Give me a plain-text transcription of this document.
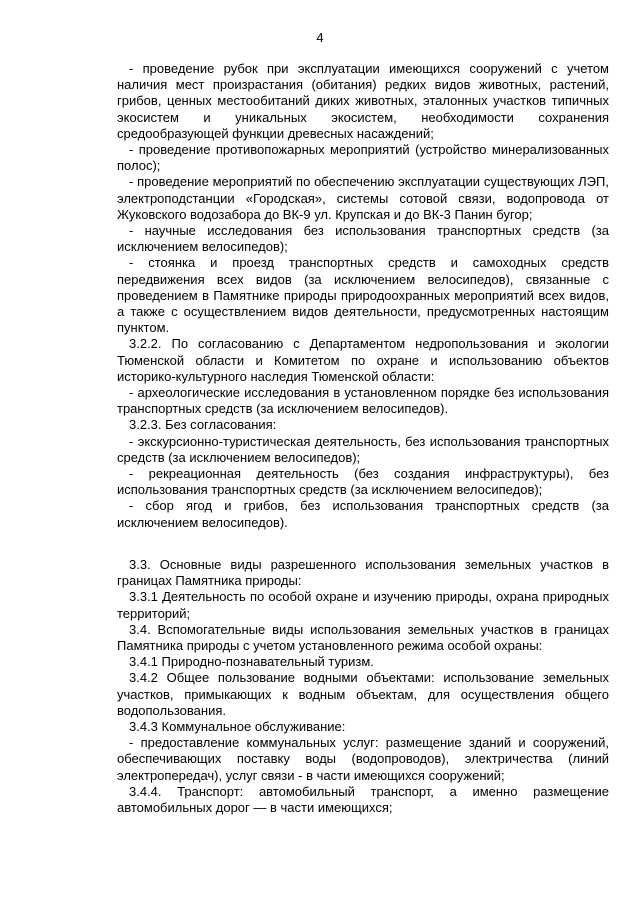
4

- проведение рубок при эксплуатации имеющихся сооружений с учетом наличия мест произрастания (обитания) редких видов животных, растений, грибов, ценных местообитаний диких животных, эталонных участков типичных экосистем и уникальных экосистем, необходимости сохранения средообразующей функции древесных насаждений;

- проведение противопожарных мероприятий (устройство минерализованных полос);

- проведение мероприятий по обеспечению эксплуатации существующих ЛЭП, электроподстанции «Городская», системы сотовой связи, водопровода от Жуковского водозабора до ВК-9 ул. Крупская и до ВК-3 Панин бугор;

- научные исследования без использования транспортных средств (за исключением велосипедов);

- стоянка и проезд транспортных средств и самоходных средств передвижения всех видов (за исключением велосипедов), связанные с проведением в Памятнике природы природоохранных мероприятий всех видов, а также с осуществлением видов деятельности, предусмотренных настоящим пунктом.

3.2.2. По согласованию с Департаментом недропользования и экологии Тюменской области и Комитетом по охране и использованию объектов историко-культурного наследия Тюменской области:

- археологические исследования в установленном порядке без использования транспортных средств (за исключением велосипедов).

3.2.3. Без согласования:

- экскурсионно-туристическая деятельность, без использования транспортных средств (за исключением велосипедов);

- рекреационная деятельность (без создания инфраструктуры), без использования транспортных средств (за исключением велосипедов);

- сбор ягод и грибов, без использования транспортных средств (за исключением велосипедов).

3.3. Основные виды разрешенного использования земельных участков в границах Памятника природы:

3.3.1 Деятельность по особой охране и изучению природы, охрана природных территорий;

3.4. Вспомогательные виды использования земельных участков в границах Памятника природы с учетом установленного режима особой охраны:

3.4.1 Природно-познавательный туризм.

3.4.2 Общее пользование водными объектами: использование земельных участков, примыкающих к водным объектам, для осуществления общего водопользования.

3.4.3 Коммунальное обслуживание:

- предоставление коммунальных услуг: размещение зданий и сооружений, обеспечивающих поставку воды (водопроводов), электричества (линий электропередач), услуг связи - в части имеющихся сооружений;

3.4.4. Транспорт: автомобильный транспорт, а именно размещение автомобильных дорог — в части имеющихся;
